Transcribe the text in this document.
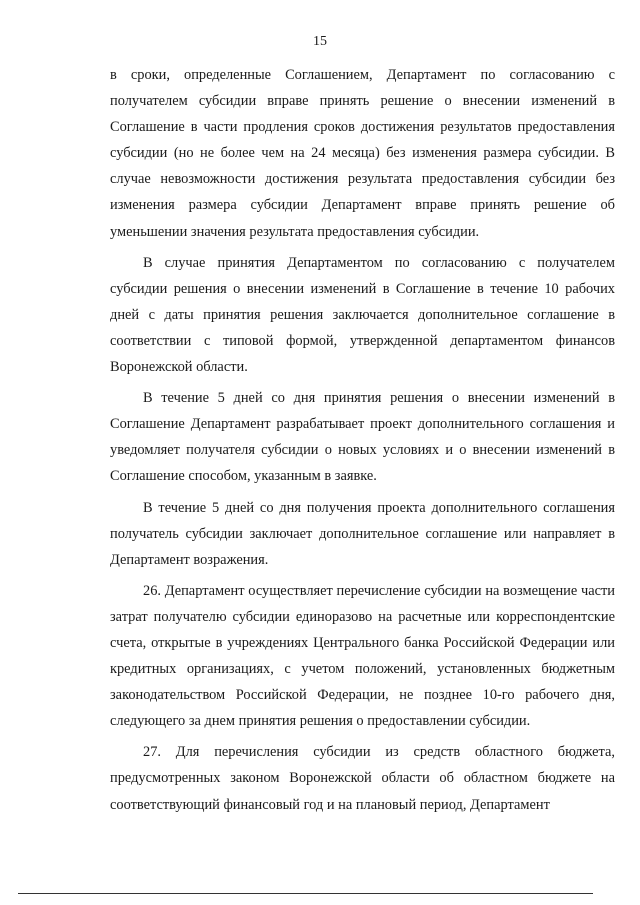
15

в сроки, определенные Соглашением, Департамент по согласованию с получателем субсидии вправе принять решение о внесении изменений в Соглашение в части продления сроков достижения результатов предоставления субсидии (но не более чем на 24 месяца) без изменения размера субсидии. В случае невозможности достижения результата предоставления субсидии без изменения размера субсидии Департамент вправе принять решение об уменьшении значения результата предоставления субсидии.

В случае принятия Департаментом по согласованию с получателем субсидии решения о внесении изменений в Соглашение в течение 10 рабочих дней с даты принятия решения заключается дополнительное соглашение в соответствии с типовой формой, утвержденной департаментом финансов Воронежской области.

В течение 5 дней со дня принятия решения о внесении изменений в Соглашение Департамент разрабатывает проект дополнительного соглашения и уведомляет получателя субсидии о новых условиях и о внесении изменений в Соглашение способом, указанным в заявке.

В течение 5 дней со дня получения проекта дополнительного соглашения получатель субсидии заключает дополнительное соглашение или направляет в Департамент возражения.

26. Департамент осуществляет перечисление субсидии на возмещение части затрат получателю субсидии единоразово на расчетные или корреспондентские счета, открытые в учреждениях Центрального банка Российской Федерации или кредитных организациях, с учетом положений, установленных бюджетным законодательством Российской Федерации, не позднее 10-го рабочего дня, следующего за днем принятия решения о предоставлении субсидии.

27. Для перечисления субсидии из средств областного бюджета, предусмотренных законом Воронежской области об областном бюджете на соответствующий финансовый год и на плановый период, Департамент
